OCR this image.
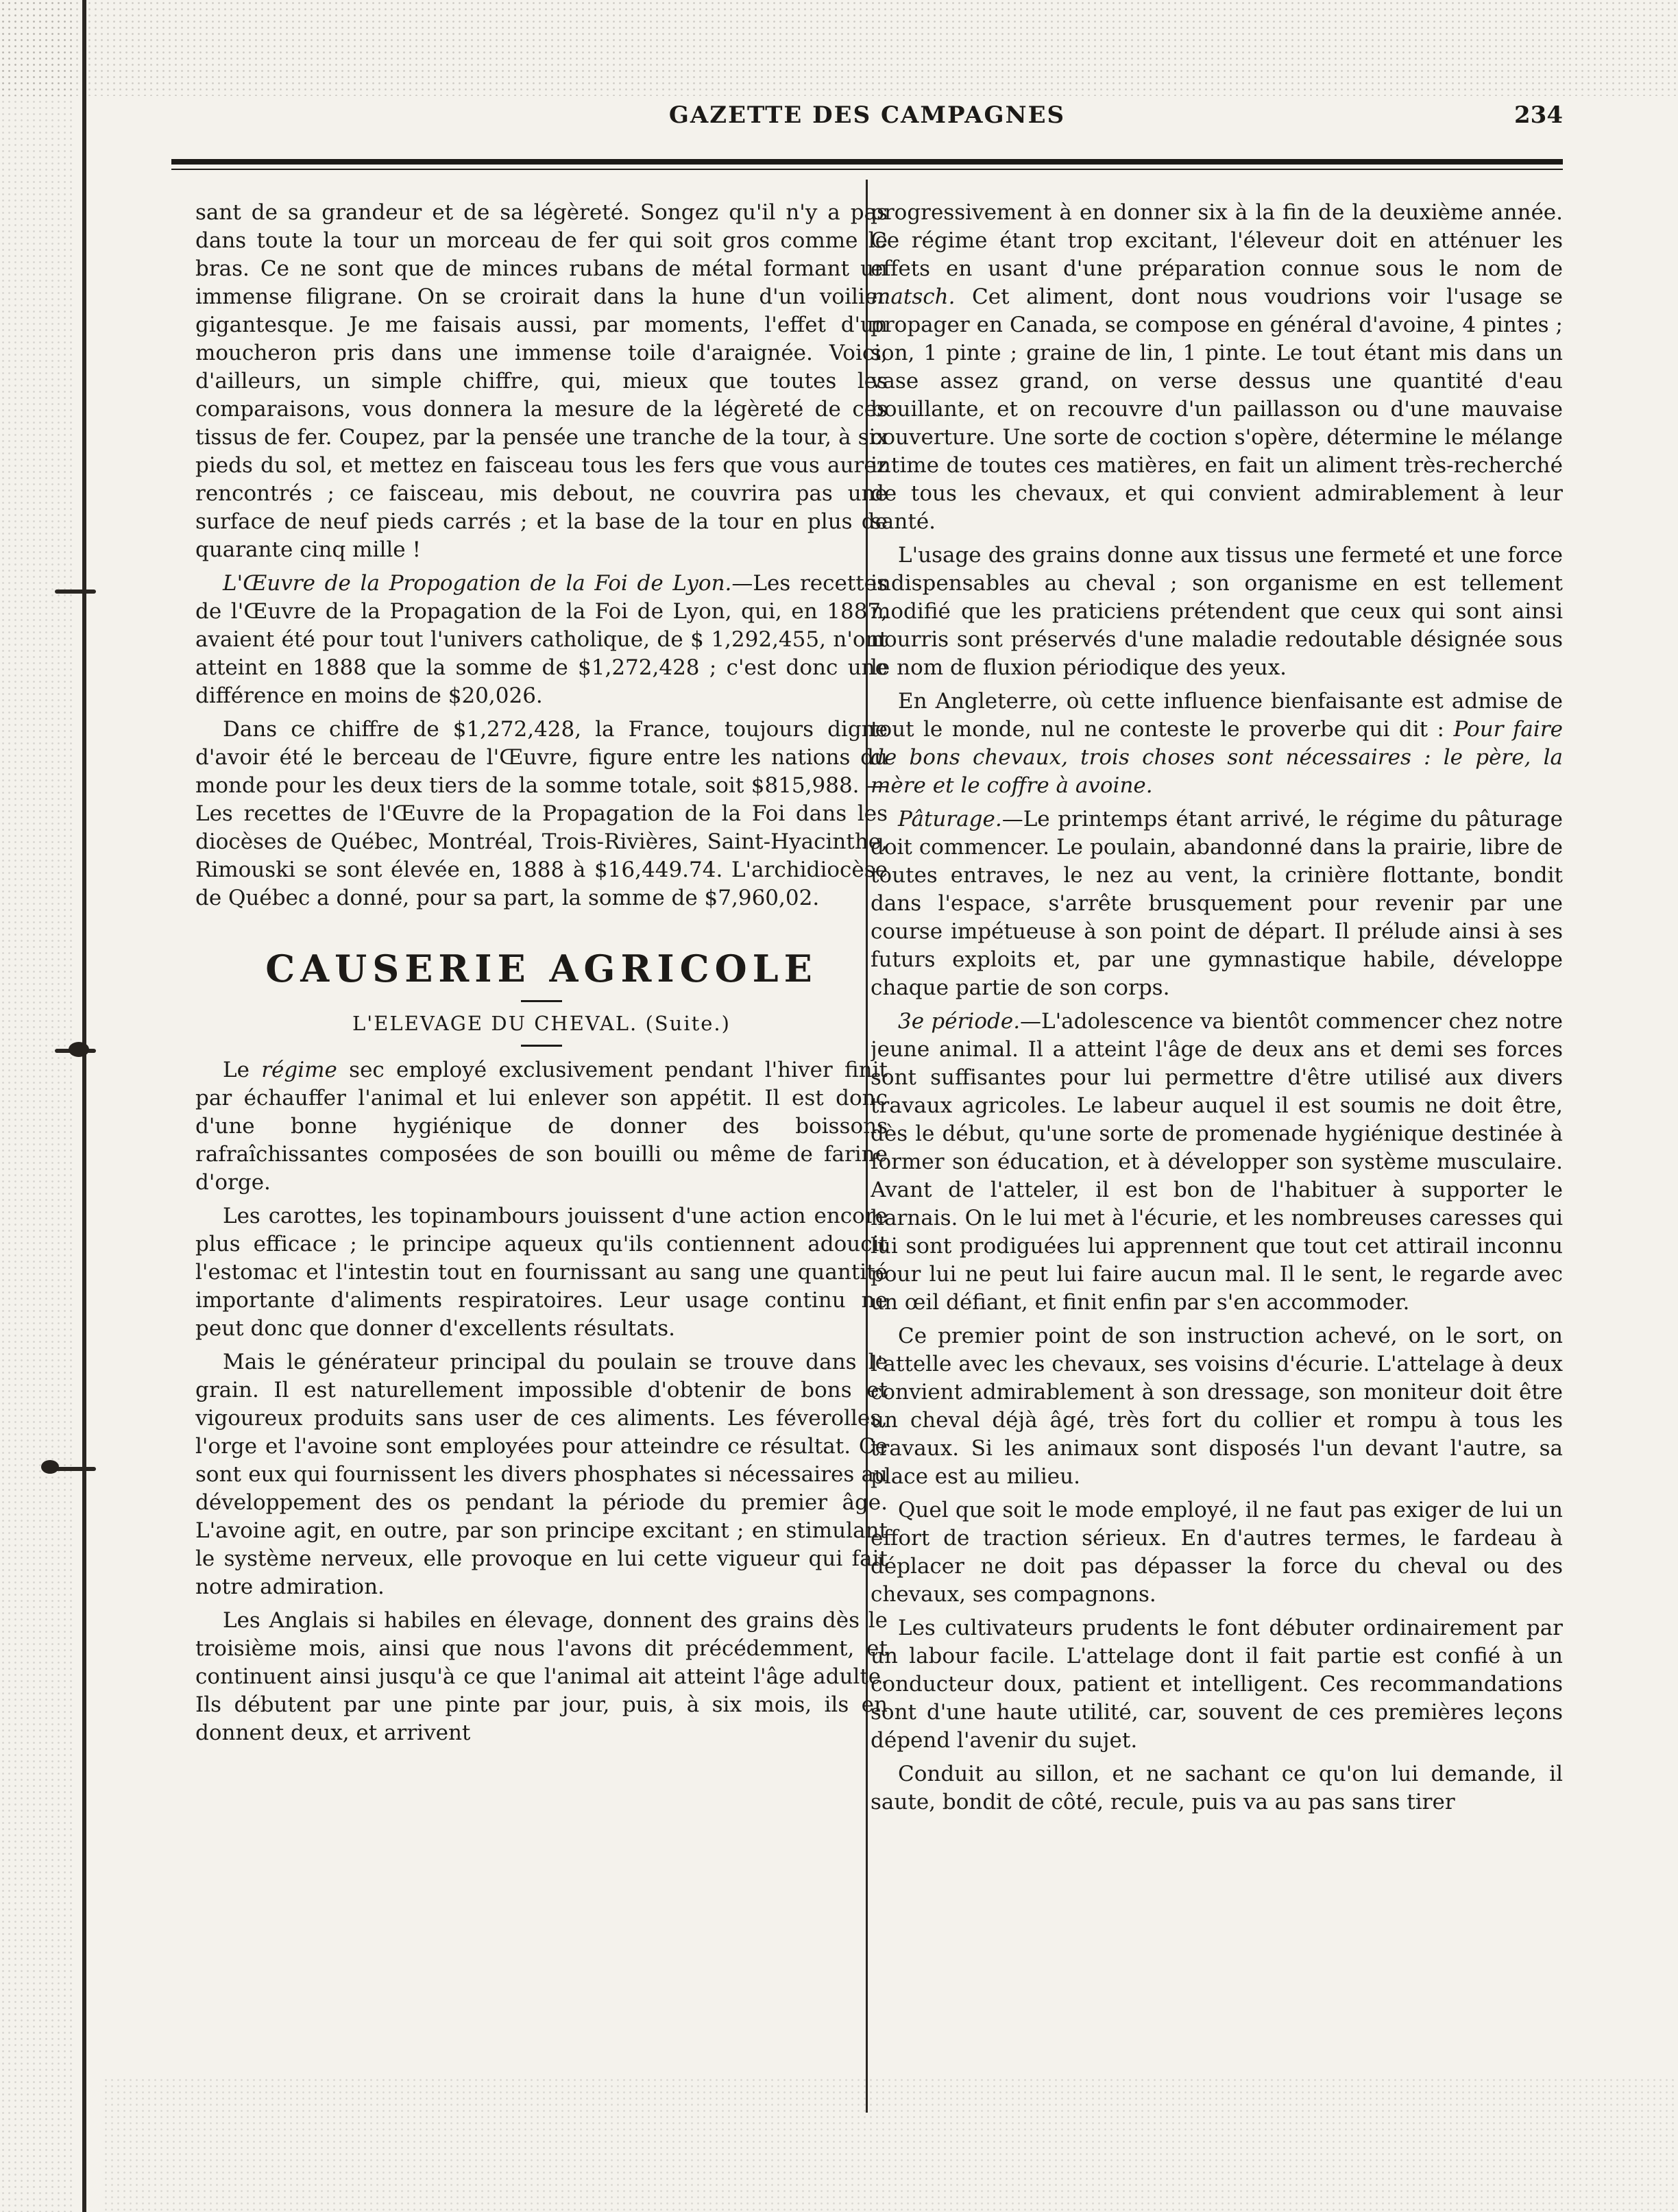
GAZETTE DES CAMPAGNES	234

sant de sa grandeur et de sa légèreté. Songez qu'il n'y a pas dans toute la tour un morceau de fer qui soit gros comme le bras. Ce ne sont que de minces rubans de métal formant un immense filigrane. On se croirait dans la hune d'un voilier gigantesque. Je me faisais aussi, par moments, l'effet d'un moucheron pris dans une immense toile d'araignée. Voici, d'ailleurs, un simple chiffre, qui, mieux que toutes les comparaisons, vous donnera la mesure de la légèreté de ces tissus de fer. Coupez, par la pensée une tranche de la tour, à six pieds du sol, et mettez en faisceau tous les fers que vous aurez rencontrés ; ce faisceau, mis debout, ne couvrira pas une surface de neuf pieds carrés ; et la base de la tour en plus de quarante cinq mille !

L'Œuvre de la Propogation de la Foi de Lyon.—Les recettes de l'Œuvre de la Propagation de la Foi de Lyon, qui, en 1887, avaient été pour tout l'univers catholique, de $ 1,292,455, n'ont atteint en 1888 que la somme de $1,272,428 ; c'est donc une différence en moins de $20,026.

Dans ce chiffre de $1,272,428, la France, toujours digne d'avoir été le berceau de l'Œuvre, figure entre les nations du monde pour les deux tiers de la somme totale, soit $815,988. — Les recettes de l'Œuvre de la Propagation de la Foi dans les diocèses de Québec, Montréal, Trois-Rivières, Saint-Hyacinthe, Rimouski se sont élevée en, 1888 à $16,449.74. L'archidiocèse de Québec a donné, pour sa part, la somme de $7,960,02.

CAUSERIE AGRICOLE
L'ELEVAGE DU CHEVAL. (Suite.)

Le régime sec employé exclusivement pendant l'hiver finit par échauffer l'animal et lui enlever son appétit. Il est donc d'une bonne hygiénique de donner des boissons rafraîchissantes composées de son bouilli ou même de farine d'orge.

Les carottes, les topinambours jouissent d'une action encore plus efficace ; le principe aqueux qu'ils contiennent adoucit l'estomac et l'intestin tout en fournissant au sang une quantité importante d'aliments respiratoires. Leur usage continu ne peut donc que donner d'excellents résultats.

Mais le générateur principal du poulain se trouve dans le grain. Il est naturellement impossible d'obtenir de bons et vigoureux produits sans user de ces aliments. Les féverolles, l'orge et l'avoine sont employées pour atteindre ce résultat. Ce sont eux qui fournissent les divers phosphates si nécessaires au développement des os pendant la période du premier âge. L'avoine agit, en outre, par son principe excitant ; en stimulant le système nerveux, elle provoque en lui cette vigueur qui fait notre admiration.

Les Anglais si habiles en élevage, donnent des grains dès le troisième mois, ainsi que nous l'avons dit précédemment, et continuent ainsi jusqu'à ce que l'animal ait atteint l'âge adulte. Ils débutent par une pinte par jour, puis, à six mois, ils en donnent deux, et arrivent

progressivement à en donner six à la fin de la deuxième année. Ce régime étant trop excitant, l'éleveur doit en atténuer les effets en usant d'une préparation connue sous le nom de matsch. Cet aliment, dont nous voudrions voir l'usage se propager en Canada, se compose en général d'avoine, 4 pintes ; son, 1 pinte ; graine de lin, 1 pinte. Le tout étant mis dans un vase assez grand, on verse dessus une quantité d'eau bouillante, et on recouvre d'un paillasson ou d'une mauvaise couverture. Une sorte de coction s'opère, détermine le mélange intime de toutes ces matières, en fait un aliment très-recherché de tous les chevaux, et qui convient admirablement à leur santé.

L'usage des grains donne aux tissus une fermeté et une force indispensables au cheval ; son organisme en est tellement modifié que les praticiens prétendent que ceux qui sont ainsi nourris sont préservés d'une maladie redoutable désignée sous le nom de fluxion périodique des yeux.

En Angleterre, où cette influence bienfaisante est admise de tout le monde, nul ne conteste le proverbe qui dit : Pour faire de bons chevaux, trois choses sont nécessaires : le père, la mère et le coffre à avoine.

Pâturage.—Le printemps étant arrivé, le régime du pâturage doit commencer. Le poulain, abandonné dans la prairie, libre de toutes entraves, le nez au vent, la crinière flottante, bondit dans l'espace, s'arrête brusquement pour revenir par une course impétueuse à son point de départ. Il prélude ainsi à ses futurs exploits et, par une gymnastique habile, développe chaque partie de son corps.

3e période.—L'adolescence va bientôt commencer chez notre jeune animal. Il a atteint l'âge de deux ans et demi ses forces sont suffisantes pour lui permettre d'être utilisé aux divers travaux agricoles. Le labeur auquel il est soumis ne doit être, dès le début, qu'une sorte de promenade hygiénique destinée à former son éducation, et à développer son système musculaire. Avant de l'atteler, il est bon de l'habituer à supporter le harnais. On le lui met à l'écurie, et les nombreuses caresses qui lui sont prodiguées lui apprennent que tout cet attirail inconnu pour lui ne peut lui faire aucun mal. Il le sent, le regarde avec un œil défiant, et finit enfin par s'en accommoder.

Ce premier point de son instruction achevé, on le sort, on l'attelle avec les chevaux, ses voisins d'écurie. L'attelage à deux convient admirablement à son dressage, son moniteur doit être un cheval déjà âgé, très fort du collier et rompu à tous les travaux. Si les animaux sont disposés l'un devant l'autre, sa place est au milieu.

Quel que soit le mode employé, il ne faut pas exiger de lui un effort de traction sérieux. En d'autres termes, le fardeau à déplacer ne doit pas dépasser la force du cheval ou des chevaux, ses compagnons.

Les cultivateurs prudents le font débuter ordinairement par un labour facile. L'attelage dont il fait partie est confié à un conducteur doux, patient et intelligent. Ces recommandations sont d'une haute utilité, car, souvent de ces premières leçons dépend l'avenir du sujet.

Conduit au sillon, et ne sachant ce qu'on lui demande, il saute, bondit de côté, recule, puis va au pas sans tirer
